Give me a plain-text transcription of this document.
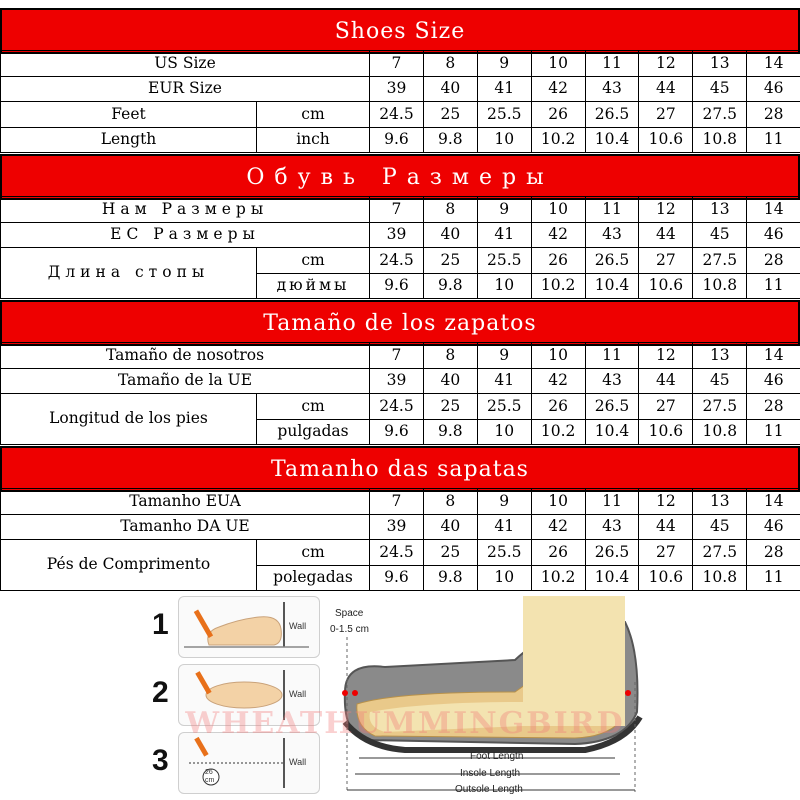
Shoes Size
US Size		7	8	9	10	11	12	13	14
EUR Size		39	40	41	42	43	44	45	46
Feet	cm	24.5	25	25.5	26	26.5	27	27.5	28
Length	inch	9.6	9.8	10	10.2	10.4	10.6	10.8	11
Обувь Размеры
Нам Размеры		7	8	9	10	11	12	13	14
ЕС Размеры		39	40	41	42	43	44	45	46
Длина стопы	cm	24.5	25	25.5	26	26.5	27	27.5	28
	дюймы	9.6	9.8	10	10.2	10.4	10.6	10.8	11
Tamaño de los zapatos
Tamaño de nosotros		7	8	9	10	11	12	13	14
Tamaño de la UE		39	40	41	42	43	44	45	46
Longitud de los pies	cm	24.5	25	25.5	26	26.5	27	27.5	28
	pulgadas	9.6	9.8	10	10.2	10.4	10.6	10.8	11
Tamanho das sapatas
Tamanho EUA		7	8	9	10	11	12	13	14
Tamanho DA UE		39	40	41	42	43	44	45	46
Pés de Comprimento	cm	24.5	25	25.5	26	26.5	27	27.5	28
	polegadas	9.6	9.8	10	10.2	10.4	10.6	10.8	11
1	Wall
2	Wall
3	Wall
26
cm
Space
0-1.5 cm
Foot Length
Insole Length
Outsole Length
WHEATHUMMINGBIRD
